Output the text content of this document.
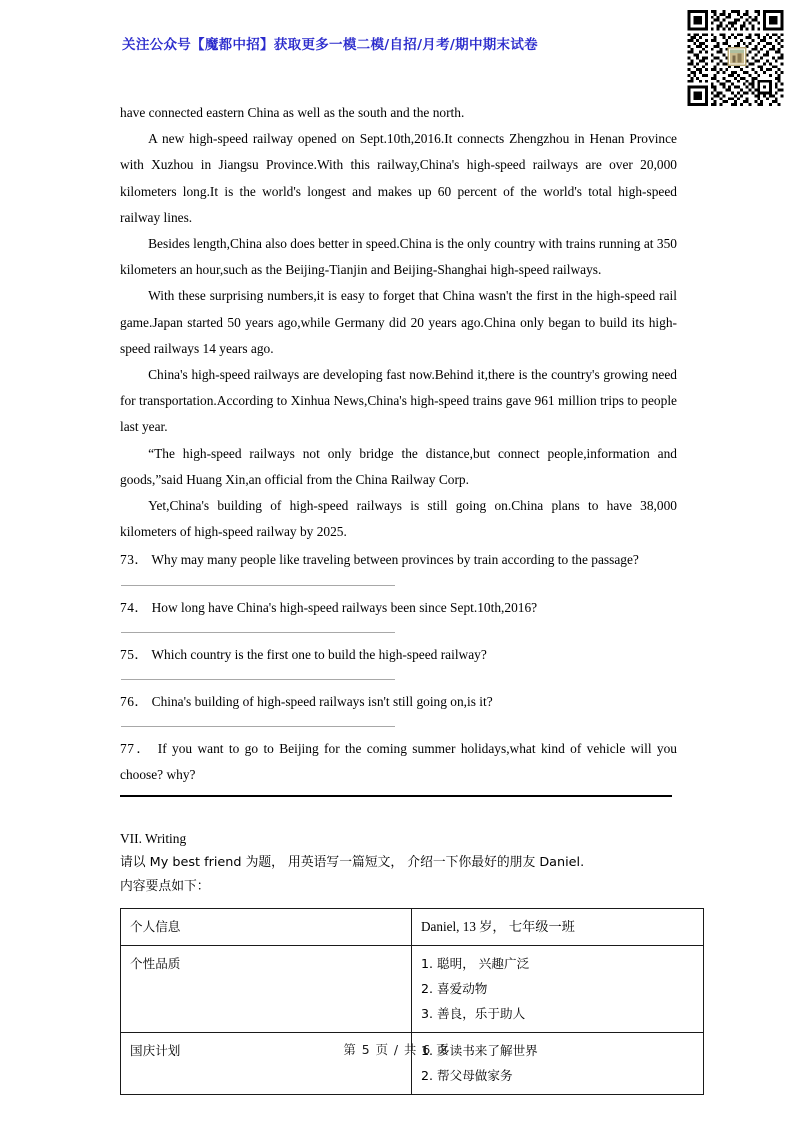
关注公众号【魔都中招】获取更多一模二模/自招/月考/期中期末试卷

have connected eastern China as well as the south and the north.

A new high-speed railway opened on Sept.10th,2016.It connects Zhengzhou in Henan Province with Xuzhou in Jiangsu Province.With this railway,China's high-speed railways are over 20,000 kilometers long.It is the world's longest and makes up 60 percent of the world's total high-speed railway lines.

Besides length,China also does better in speed.China is the only country with trains running at 350 kilometers an hour,such as the Beijing-Tianjin and Beijing-Shanghai high-speed railways.

With these surprising numbers,it is easy to forget that China wasn't the first in the high-speed rail game.Japan started 50 years ago,while Germany did 20 years ago.China only began to build its high-speed railways 14 years ago.

China's high-speed railways are developing fast now.Behind it,there is the country's growing need for transportation.According to Xinhua News,China's high-speed trains gave 961 million trips to people last year.

“The high-speed railways not only bridge the distance,but connect people,information and goods,”said Huang Xin,an official from the China Railway Corp.

Yet,China's building of high-speed railways is still going on.China plans to have 38,000 kilometers of high-speed railway by 2025.

73． Why may many people like traveling between provinces by train according to the passage?

74． How long have China's high-speed railways been since Sept.10th,2016?

75． Which country is the first one to build the high-speed railway?

76． China's building of high-speed railways isn't still going on,is it?

77． If you want to go to Beijing for the coming summer holidays,what kind of vehicle will you choose? why?

VII. Writing

请以 My best friend 为题， 用英语写一篇短文， 介绍一下你最好的朋友 Daniel.

内容要点如下：

个人信息	Daniel, 13 岁， 七年级一班

个性品质	1. 聪明， 兴趣广泛
2. 喜爱动物
3. 善良，乐于助人

国庆计划	1. 多读书来了解世界
2. 帮父母做家务
第 5 页 / 共 6 页
